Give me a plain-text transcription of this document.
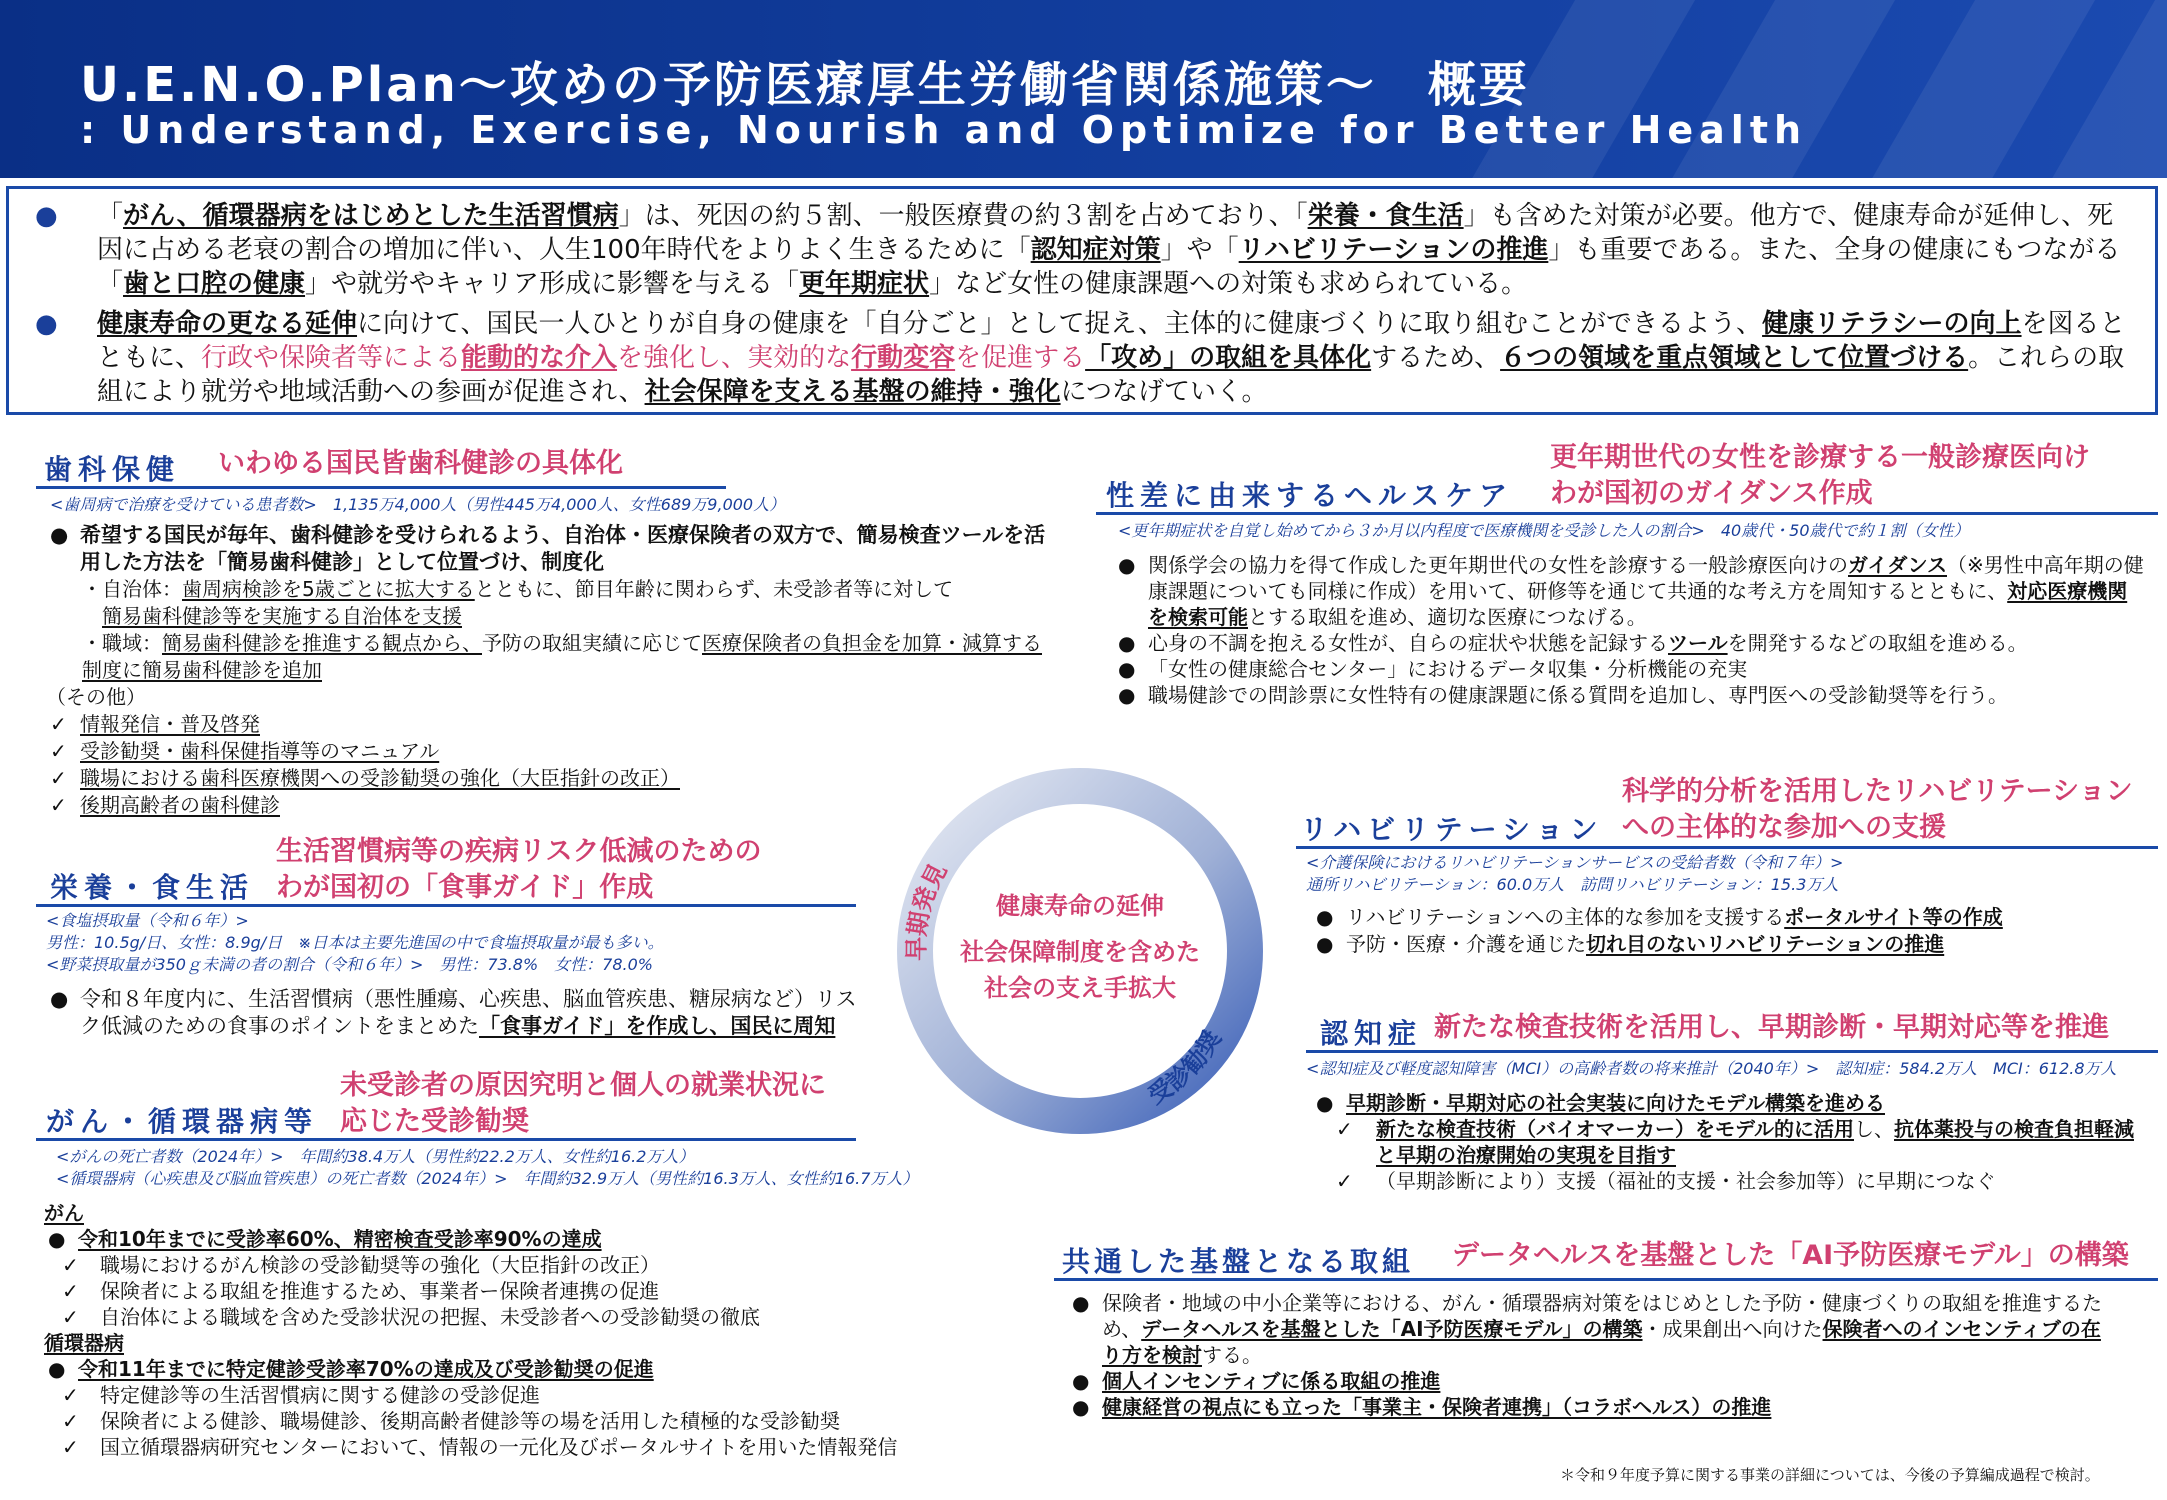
U.E.N.O.Plan～攻めの予防医療厚生労働省関係施策～　概要
: Understand, Exercise, Nourish and Optimize for Better Health
● 「がん、循環器病をはじめとした生活習慣病」は、死因の約５割、一般医療費の約３割を占めており、「栄養・食生活」も含めた対策が必要。他方で、健康寿命が延伸し、死因に占める老衰の割合の増加に伴い、人生100年時代をよりよく生きるために「認知症対策」や「リハビリテーションの推進」も重要である。また、全身の健康にもつながる「歯と口腔の健康」や就労やキャリア形成に影響を与える「更年期症状」など女性の健康課題への対策も求められている。
● 健康寿命の更なる延伸に向けて、国民一人ひとりが自身の健康を「自分ごと」として捉え、主体的に健康づくりに取り組むことができるよう、健康リテラシーの向上を図るとともに、行政や保険者等による能動的な介入を強化し、実効的な行動変容を促進する「攻め」の取組を具体化するため、６つの領域を重点領域として位置づける。これらの取組により就労や地域活動への参画が促進され、社会保障を支える基盤の維持・強化につなげていく。
歯科保健 いわゆる国民皆歯科健診の具体化
<歯周病で治療を受けている患者数>　1,135万4,000人（男性445万4,000人、女性689万9,000人）
● 希望する国民が毎年、歯科健診を受けられるよう、自治体・医療保険者の双方で、簡易検査ツールを活用した方法を「簡易歯科健診」として位置づけ、制度化
・自治体：歯周病検診を5歳ごとに拡大するとともに、節目年齢に関わらず、未受診者等に対して
簡易歯科健診等を実施する自治体を支援
・職域：簡易歯科健診を推進する観点から、予防の取組実績に応じて医療保険者の負担金を加算・減算する制度に簡易歯科健診を追加
（その他）
✓ 情報発信・普及啓発
✓ 受診勧奨・歯科保健指導等のマニュアル
✓ 職場における歯科医療機関への受診勧奨の強化（大臣指針の改正）
✓ 後期高齢者の歯科健診
栄養・食生活
生活習慣病等の疾病リスク低減のための
わが国初の「食事ガイド」作成
<食塩摂取量（令和６年）>
男性：10.5g/日、女性：8.9g/日　※日本は主要先進国の中で食塩摂取量が最も多い。
<野菜摂取量が350ｇ未満の者の割合（令和６年）>　男性：73.8%　女性：78.0%
● 令和８年度内に、生活習慣病（悪性腫瘍、心疾患、脳血管疾患、糖尿病など）リスク低減のための食事のポイントをまとめた「食事ガイド」を作成し、国民に周知
がん・循環器病等
未受診者の原因究明と個人の就業状況に
応じた受診勧奨
<がんの死亡者数（2024年）>　年間約38.4万人（男性約22.2万人、女性約16.2万人）
<循環器病（心疾患及び脳血管疾患）の死亡者数（2024年）>　年間約32.9万人（男性約16.3万人、女性約16.7万人）
がん
● 令和10年までに受診率60%、精密検査受診率90%の達成
✓ 職場におけるがん検診の受診勧奨等の強化（大臣指針の改正）
✓ 保険者による取組を推進するため、事業者ー保険者連携の促進
✓ 自治体による職域を含めた受診状況の把握、未受診者への受診勧奨の徹底
循環器病
● 令和11年までに特定健診受診率70%の達成及び受診勧奨の促進
✓ 特定健診等の生活習慣病に関する健診の受診促進
✓ 保険者による健診、職場健診、後期高齢者健診等の場を活用した積極的な受診勧奨
✓ 国立循環器病研究センターにおいて、情報の一元化及びポータルサイトを用いた情報発信
早期発見
受診勧奨
健康寿命の延伸
社会保障制度を含めた
社会の支え手拡大
性差に由来するヘルスケア
更年期世代の女性を診療する一般診療医向け
わが国初のガイダンス作成
<更年期症状を自覚し始めてから３か月以内程度で医療機関を受診した人の割合>　40歳代・50歳代で約１割（女性）
● 関係学会の協力を得て作成した更年期世代の女性を診療する一般診療医向けのガイダンス（※男性中高年期の健康課題についても同様に作成）を用いて、研修等を通じて共通的な考え方を周知するとともに、対応医療機関を検索可能とする取組を進め、適切な医療につなげる。
● 心身の不調を抱える女性が、自らの症状や状態を記録するツールを開発するなどの取組を進める。
● 「女性の健康総合センター」におけるデータ収集・分析機能の充実
● 職場健診での問診票に女性特有の健康課題に係る質問を追加し、専門医への受診勧奨等を行う。
リハビリテーション
科学的分析を活用したリハビリテーション
への主体的な参加への支援
<介護保険におけるリハビリテーションサービスの受給者数（令和７年）>
通所リハビリテーション：60.0万人　訪問リハビリテーション：15.3万人
● リハビリテーションへの主体的な参加を支援するポータルサイト等の作成
● 予防・医療・介護を通じた切れ目のないリハビリテーションの推進
認知症 新たな検査技術を活用し、早期診断・早期対応等を推進
<認知症及び軽度認知障害（MCI）の高齢者数の将来推計（2040年）>　認知症：584.2万人　MCI：612.8万人
● 早期診断・早期対応の社会実装に向けたモデル構築を進める
✓ 新たな検査技術（バイオマーカー）をモデル的に活用し、抗体薬投与の検査負担軽減と早期の治療開始の実現を目指す
✓ （早期診断により）支援（福祉的支援・社会参加等）に早期につなぐ
共通した基盤となる取組 データヘルスを基盤とした「AI予防医療モデル」の構築
● 保険者・地域の中小企業等における、がん・循環器病対策をはじめとした予防・健康づくりの取組を推進するため、データヘルスを基盤とした「AI予防医療モデル」の構築・成果創出へ向けた保険者へのインセンティブの在り方を検討する。
● 個人インセンティブに係る取組の推進
● 健康経営の視点にも立った「事業主・保険者連携」（コラボヘルス）の推進
＊令和９年度予算に関する事業の詳細については、今後の予算編成過程で検討。
